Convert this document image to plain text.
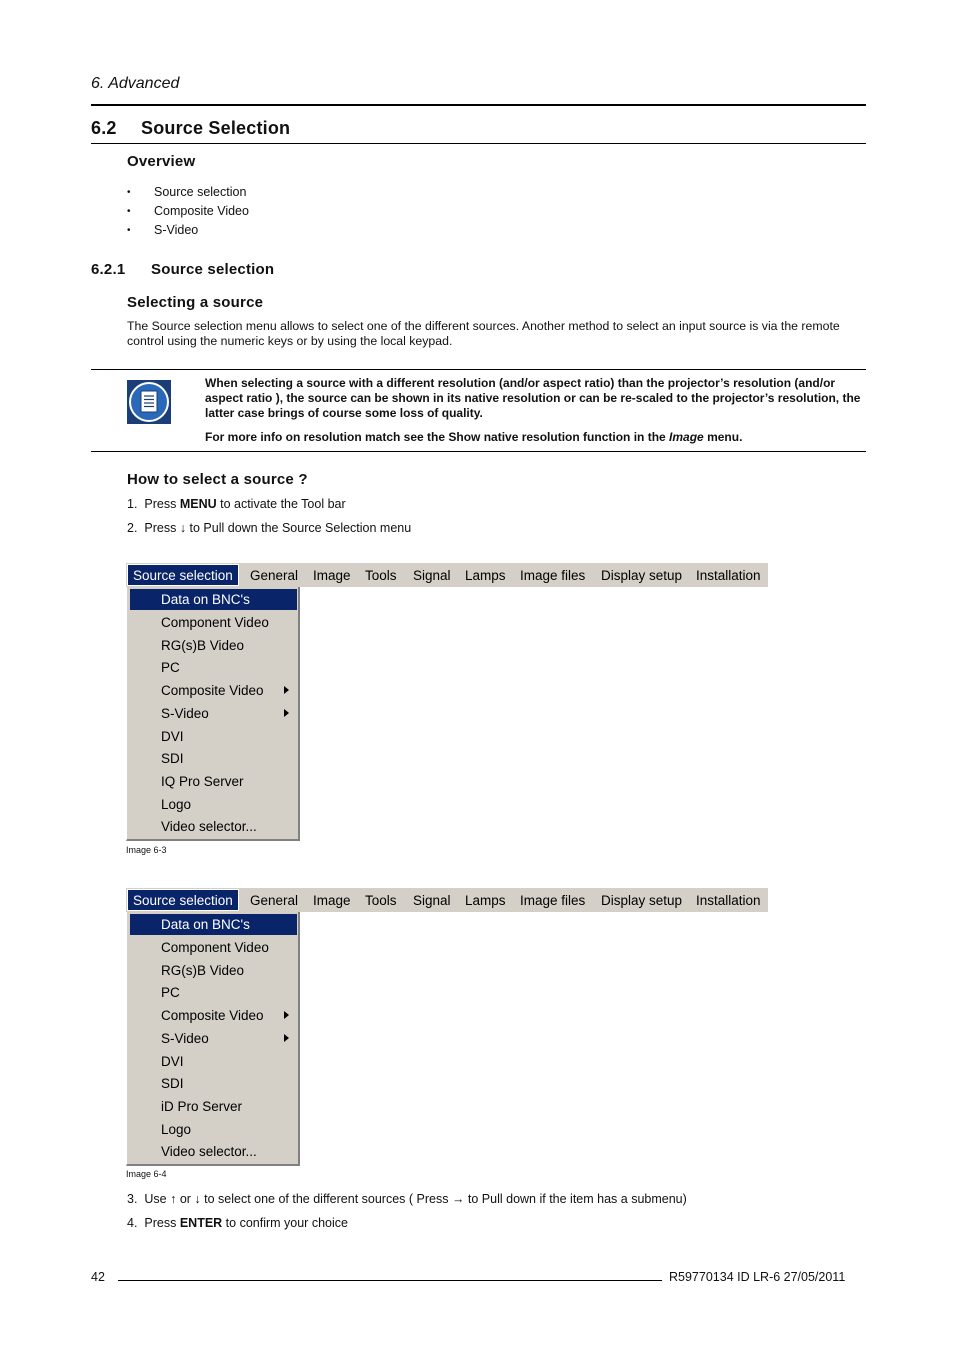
6. Advanced
6.2 Source Selection
Overview
• Source selection
• Composite Video
• S-Video
6.2.1 Source selection
Selecting a source
The Source selection menu allows to select one of the different sources. Another method to select an input source is via the remote control using the numeric keys or by using the local keypad.

When selecting a source with a different resolution (and/or aspect ratio) than the projector’s resolution (and/or aspect ratio ), the source can be shown in its native resolution or can be re-scaled to the projector’s resolution, the latter case brings of course some loss of quality.

For more info on resolution match see the Show native resolution function in the Image menu.

How to select a source ?
1. Press MENU to activate the Tool bar
2. Press ↓ to Pull down the Source Selection menu
Source selection	General Image Tools Signal Lamps Image files Display setup Installation
Data on BNC's
Component Video
RG(s)B Video
PC
Composite Video
S-Video
DVI
SDI
IQ Pro Server
Logo
Video selector...
Image 6-3
Source selection	General Image Tools Signal Lamps Image files Display setup Installation
Data on BNC's
Component Video
RG(s)B Video
PC
Composite Video
S-Video
DVI
SDI
iD Pro Server
Logo
Video selector...
Image 6-4
3. Use ↑ or ↓ to select one of the different sources ( Press → to Pull down if the item has a submenu)
4. Press ENTER to confirm your choice
42	R59770134 ID LR-6 27/05/2011
